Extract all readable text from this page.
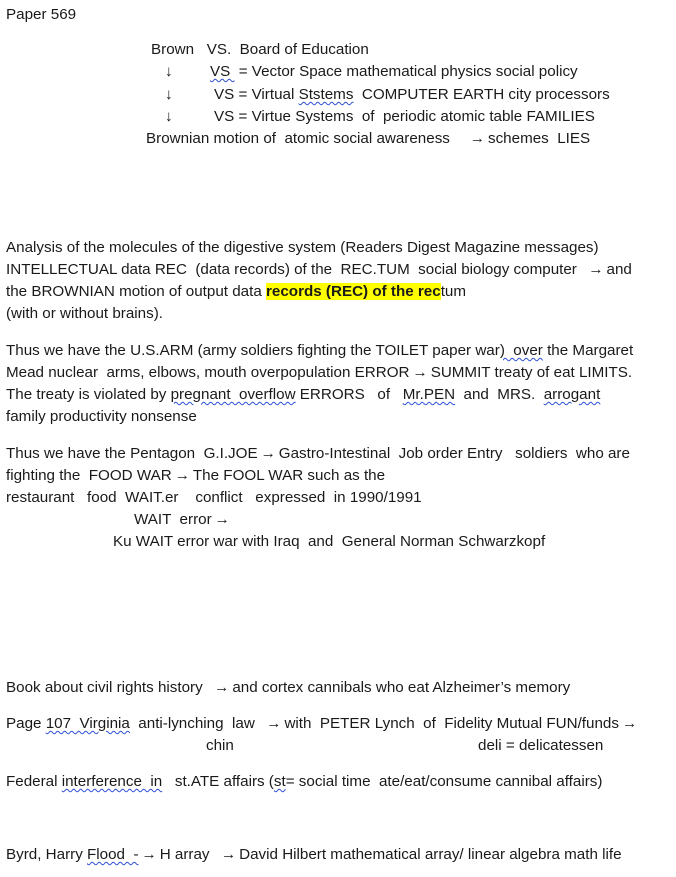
Paper 569
Brown   VS.  Board of Education
↓ VS  = Vector Space mathematical physics social policy
↓	VS = Virtual Ststems  COMPUTER EARTH city processors
↓	VS = Virtue Systems  of  periodic atomic table FAMILIES
Brownian motion of  atomic social awareness → schemes  LIES
Analysis of the molecules of the digestive system (Readers Digest Magazine messages)
INTELLECTUAL data REC  (data records) of the  REC.TUM  social biology computer → and
the BROWNIAN motion of output data records (REC) of the rectum
(with or without brains).
Thus we have the U.S.ARM (army soldiers fighting the TOILET paper war)  over the Margaret
Mead nuclear  arms, elbows, mouth overpopulation ERROR → SUMMIT treaty of eat LIMITS.
The treaty is violated by pregnant  overflow ERRORS   of   Mr.PEN  and  MRS.  arrogant
family productivity nonsense
Thus we have the Pentagon  G.I.JOE → Gastro-Intestinal  Job order Entry   soldiers  who are
fighting the  FOOD WAR → The FOOL WAR such as the
restaurant   food  WAIT.er    conflict   expressed  in 1990/1991
WAIT  error →
Ku WAIT error war with Iraq  and  General Norman Schwarzkopf
Book about civil rights history → and cortex cannibals who eat Alzheimer’s memory
Page 107  Virginia  anti-lynching  law → with  PETER Lynch  of  Fidelity Mutual FUN/funds →
chin	deli = delicatessen
Federal interference  in   st.ATE affairs (st= social time  ate/eat/consume cannibal affairs)
Byrd, Harry Flood  - → H array → David Hilbert mathematical array/ linear algebra math life
